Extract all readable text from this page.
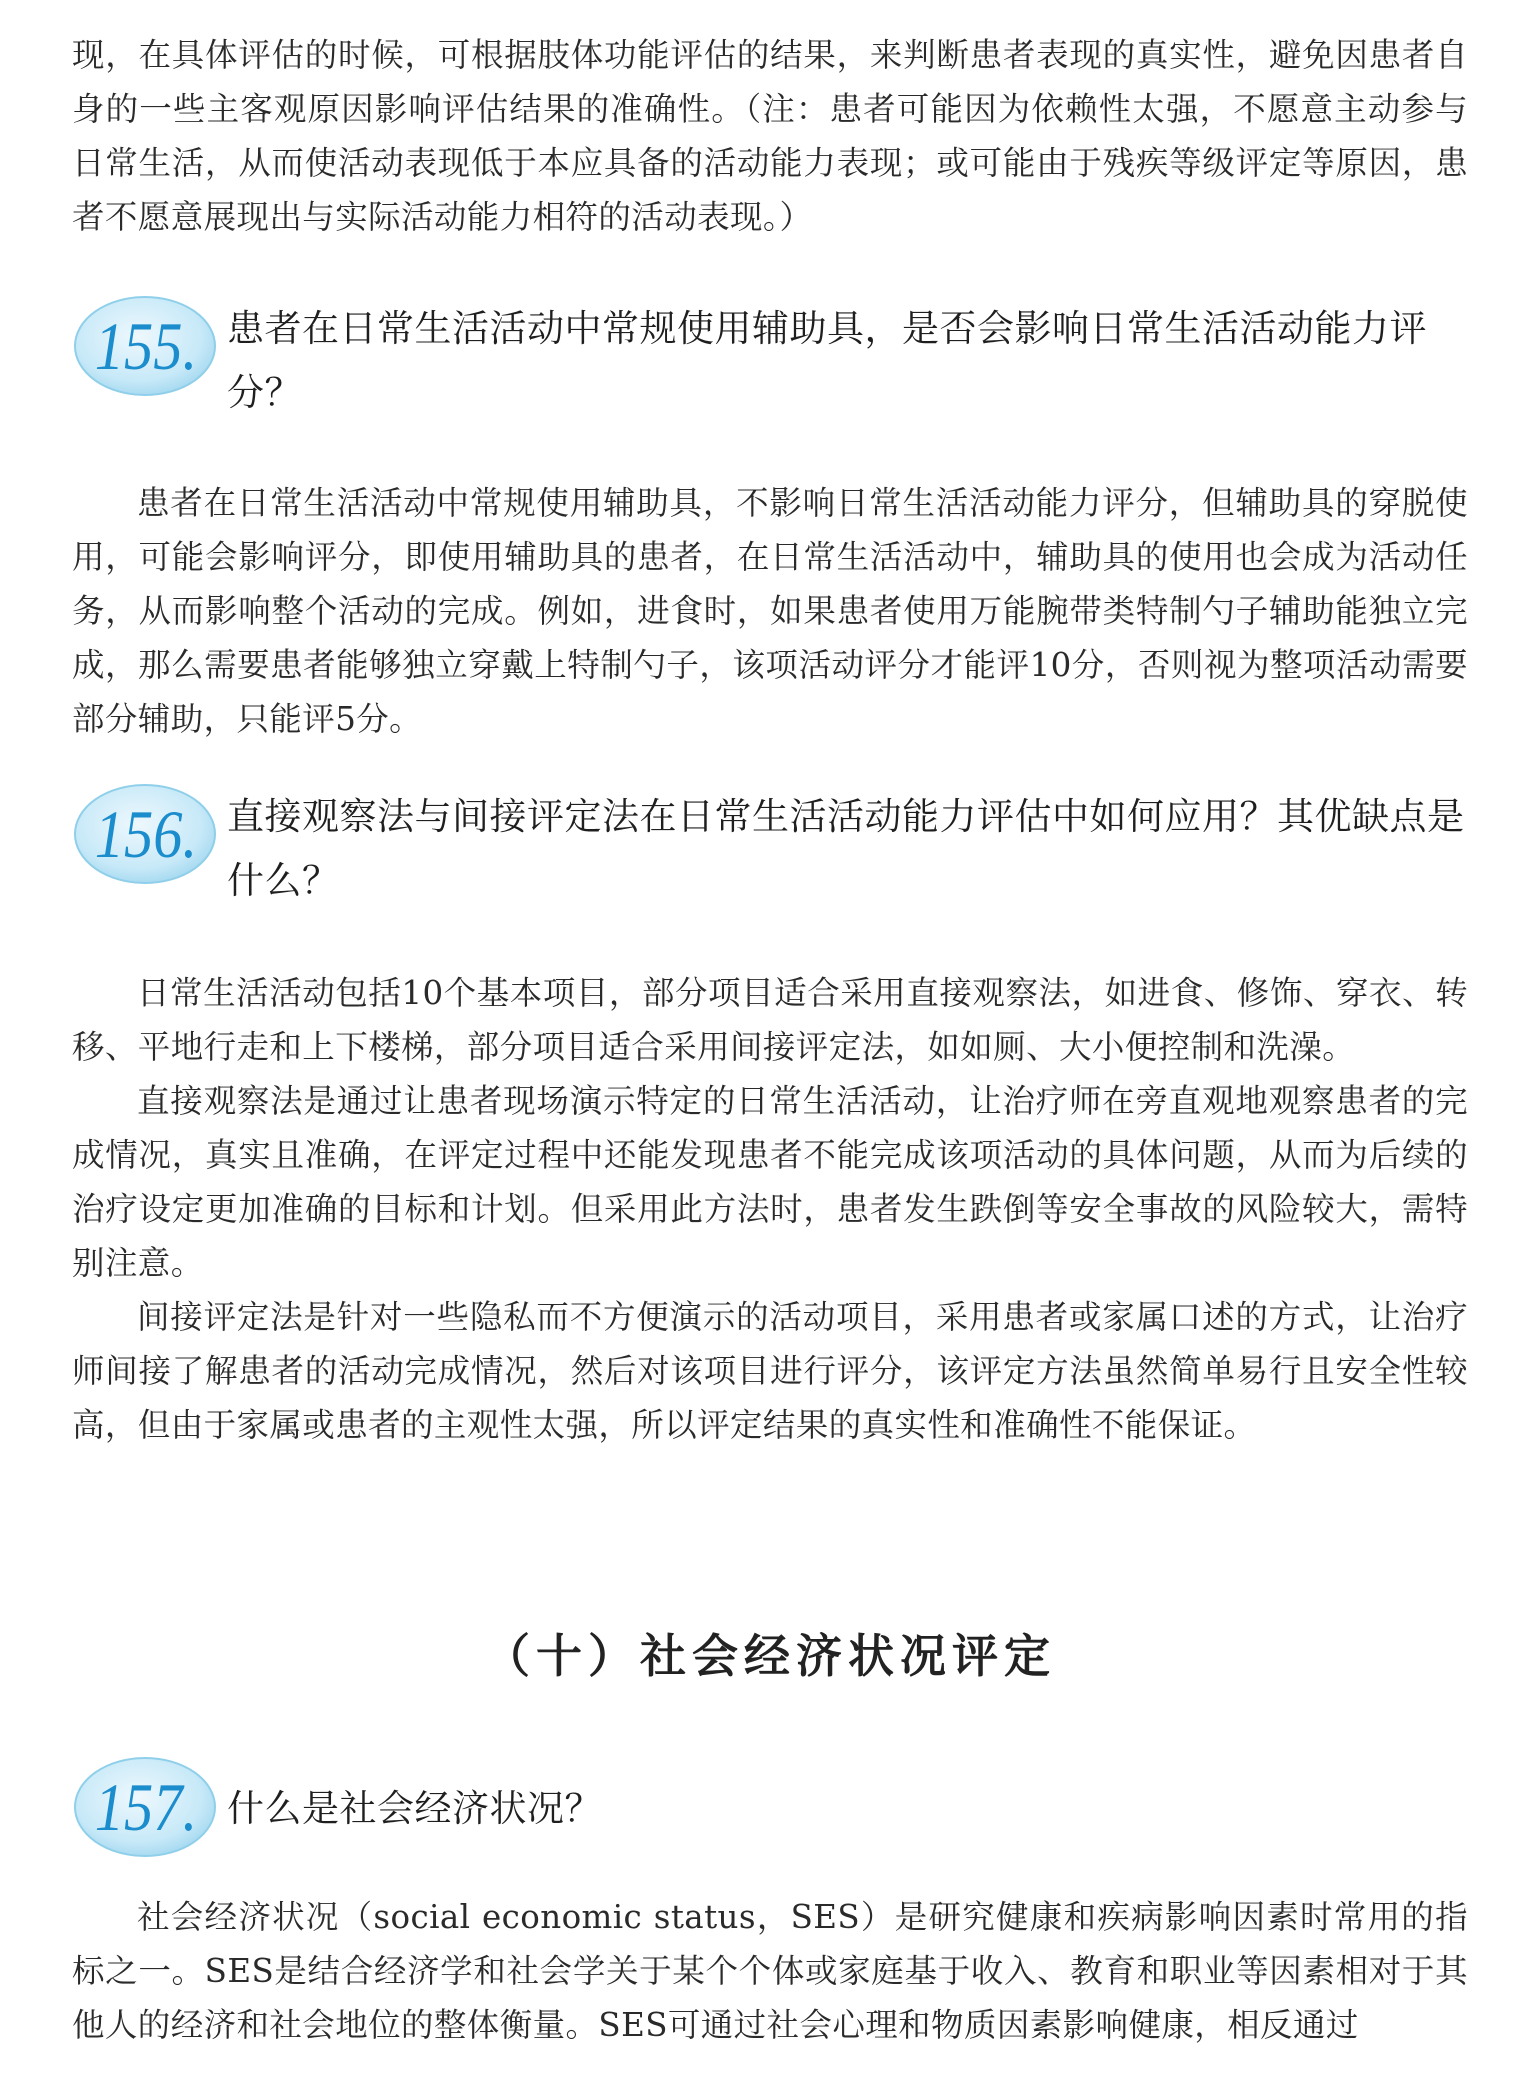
现，在具体评估的时候，可根据肢体功能评估的结果，来判断患者表现的真实性，避免因患者自身的一些主客观原因影响评估结果的准确性。（注：患者可能因为依赖性太强，不愿意主动参与日常生活，从而使活动表现低于本应具备的活动能力表现；或可能由于残疾等级评定等原因，患者不愿意展现出与实际活动能力相符的活动表现。）

155. 患者在日常生活活动中常规使用辅助具，是否会影响日常生活活动能力评分？

患者在日常生活活动中常规使用辅助具，不影响日常生活活动能力评分，但辅助具的穿脱使用，可能会影响评分，即使用辅助具的患者，在日常生活活动中，辅助具的使用也会成为活动任务，从而影响整个活动的完成。例如，进食时，如果患者使用万能腕带类特制勺子辅助能独立完成，那么需要患者能够独立穿戴上特制勺子，该项活动评分才能评10分，否则视为整项活动需要部分辅助，只能评5分。

156. 直接观察法与间接评定法在日常生活活动能力评估中如何应用？其优缺点是什么？

日常生活活动包括10个基本项目，部分项目适合采用直接观察法，如进食、修饰、穿衣、转移、平地行走和上下楼梯，部分项目适合采用间接评定法，如如厕、大小便控制和洗澡。

直接观察法是通过让患者现场演示特定的日常生活活动，让治疗师在旁直观地观察患者的完成情况，真实且准确，在评定过程中还能发现患者不能完成该项活动的具体问题，从而为后续的治疗设定更加准确的目标和计划。但采用此方法时，患者发生跌倒等安全事故的风险较大，需特别注意。

间接评定法是针对一些隐私而不方便演示的活动项目，采用患者或家属口述的方式，让治疗师间接了解患者的活动完成情况，然后对该项目进行评分，该评定方法虽然简单易行且安全性较高，但由于家属或患者的主观性太强，所以评定结果的真实性和准确性不能保证。

（十）社会经济状况评定
157. 什么是社会经济状况？

社会经济状况（social economic status，SES）是研究健康和疾病影响因素时常用的指标之一。SES是结合经济学和社会学关于某个个体或家庭基于收入、教育和职业等因素相对于其他人的经济和社会地位的整体衡量。SES可通过社会心理和物质因素影响健康，相反通过
